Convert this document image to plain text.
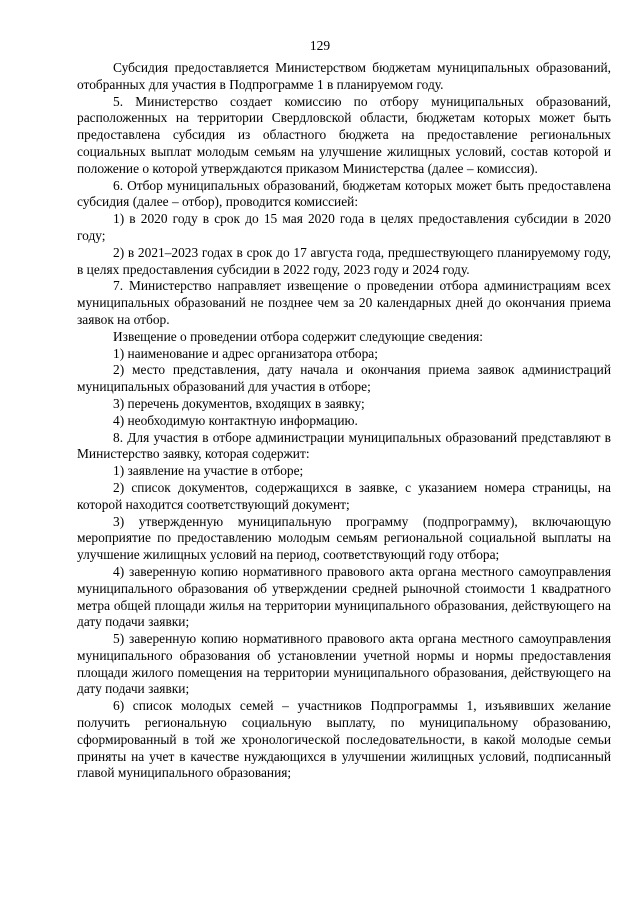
129

Субсидия предоставляется Министерством бюджетам муниципальных образований, отобранных для участия в Подпрограмме 1 в планируемом году.

5. Министерство создает комиссию по отбору муниципальных образований, расположенных на территории Свердловской области, бюджетам которых может быть предоставлена субсидия из областного бюджета на предоставление региональных социальных выплат молодым семьям на улучшение жилищных условий, состав которой и положение о которой утверждаются приказом Министерства (далее – комиссия).

6. Отбор муниципальных образований, бюджетам которых может быть предоставлена субсидия (далее – отбор), проводится комиссией:

1) в 2020 году в срок до 15 мая 2020 года в целях предоставления субсидии в 2020 году;

2) в 2021–2023 годах в срок до 17 августа года, предшествующего планируемому году, в целях предоставления субсидии в 2022 году, 2023 году и 2024 году.

7. Министерство направляет извещение о проведении отбора администрациям всех муниципальных образований не позднее чем за 20 календарных дней до окончания приема заявок на отбор.

Извещение о проведении отбора содержит следующие сведения:

1) наименование и адрес организатора отбора;

2) место представления, дату начала и окончания приема заявок администраций муниципальных образований для участия в отборе;

3) перечень документов, входящих в заявку;

4) необходимую контактную информацию.

8. Для участия в отборе администрации муниципальных образований представляют в Министерство заявку, которая содержит:

1) заявление на участие в отборе;

2) список документов, содержащихся в заявке, с указанием номера страницы, на которой находится соответствующий документ;

3) утвержденную муниципальную программу (подпрограмму), включающую мероприятие по предоставлению молодым семьям региональной социальной выплаты на улучшение жилищных условий на период, соответствующий году отбора;

4) заверенную копию нормативного правового акта органа местного самоуправления муниципального образования об утверждении средней рыночной стоимости 1 квадратного метра общей площади жилья на территории муниципального образования, действующего на дату подачи заявки;

5) заверенную копию нормативного правового акта органа местного самоуправления муниципального образования об установлении учетной нормы и нормы предоставления площади жилого помещения на территории муниципального образования, действующего на дату подачи заявки;

6) список молодых семей – участников Подпрограммы 1, изъявивших желание получить региональную социальную выплату, по муниципальному образованию, сформированный в той же хронологической последовательности, в какой молодые семьи приняты на учет в качестве нуждающихся в улучшении жилищных условий, подписанный главой муниципального образования;
